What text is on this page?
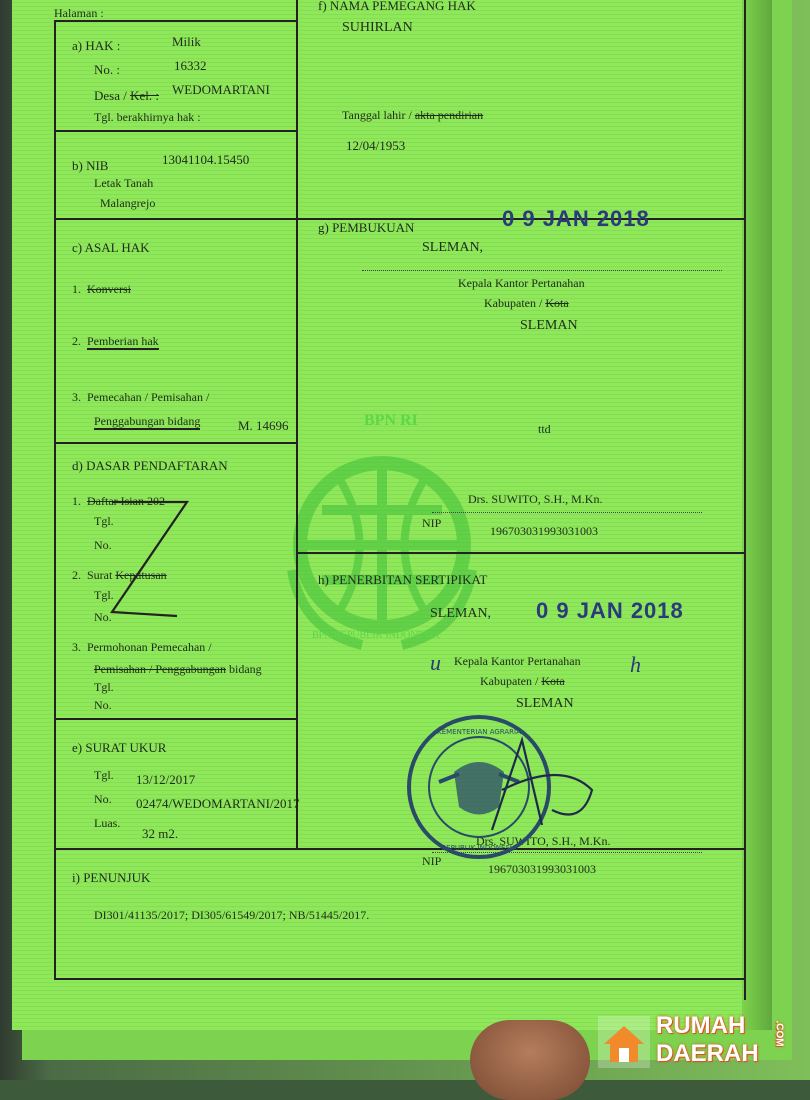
BPN RI
BPN REPUBLIK INDONESIA
Halaman :
a) HAK :	Milik
No. :	16332
Desa / Kel. : WEDOMARTANI
Tgl. berakhirnya hak :
b) NIB	13041104.15450
Letak Tanah
Malangrejo
c) ASAL HAK
1.  Konversi
2.  Pemberian hak
3.  Pemecahan / Pemisahan /
Penggabungan bidang	M. 14696
d) DASAR PENDAFTARAN
1.  Daftar Isian 202
Tgl.
No.
2.  Surat Keputusan
Tgl.
No.
3.  Permohonan Pemecahan /
Pemisahan / Penggabungan bidang
Tgl.
No.
e) SURAT UKUR
Tgl. 13/12/2017
No. 02474/WEDOMARTANI/2017
Luas.
32 m2.
i) PENUNJUK
DI301/41135/2017; DI305/61549/2017; NB/51445/2017.
f) NAMA PEMEGANG HAK
SUHIRLAN
Tanggal lahir / akta pendirian
12/04/1953
g) PEMBUKUAN	0 9 JAN 2018
SLEMAN,
Kepala Kantor Pertanahan
Kabupaten / Kota
SLEMAN
ttd
Drs. SUWITO, S.H., M.Kn.
NIP
196703031993031003
h) PENERBITAN SERTIPIKAT
SLEMAN, 0 9 JAN 2018
u Kepala Kantor Pertanahan h
Kabupaten / Kota
SLEMAN
Drs. SUWITO, S.H., M.Kn.
NIP
196703031993031003
KEMENTERIAN AGRARIA
REPUBLIK INDONESIA
RUMAH
DAERAH
.COM
